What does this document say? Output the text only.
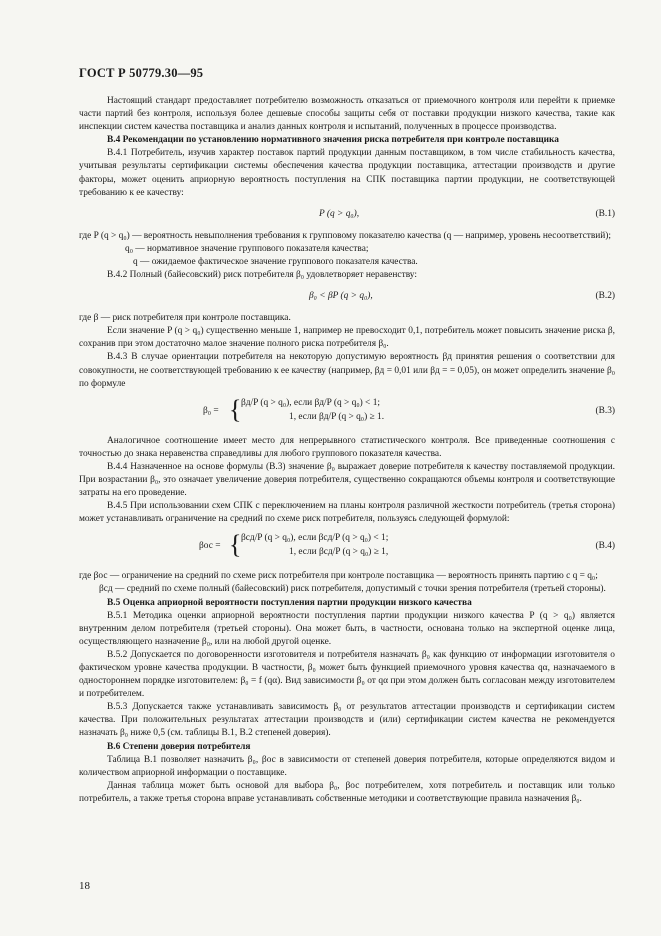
ГОСТ Р 50779.30—95

Настоящий стандарт предоставляет потребителю возможность отказаться от приемочного контроля или перейти к приемке части партий без контроля, используя более дешевые способы защиты себя от поставки продукции низкого качества, такие как инспекции систем качества поставщика и анализ данных контроля и испытаний, полученных в процессе производства.

В.4 Рекомендации по установлению нормативного значения риска потребителя при контроле поставщика

В.4.1 Потребитель, изучив характер поставок партий продукции данным поставщиком, в том числе стабильность качества, учитывая результаты сертификации системы обеспечения качества продукции поставщика, аттестации производств и другие факторы, может оценить априорную вероятность поступления на СПК поставщика партии продукции, не соответствующей требованию к ее качеству:

P (q > q₀),	(В.1)

где P (q > q₀) — вероятность невыполнения требования к групповому показателю качества (q — например, уровень несоответствий);

q₀ — нормативное значение группового показателя качества;

q — ожидаемое фактическое значение группового показателя качества.

В.4.2 Полный (байесовский) риск потребителя β₀ удовлетворяет неравенству:

β₀ < βP (q > q₀),	(В.2)

где β — риск потребителя при контроле поставщика.

Если значение P (q > q₀) существенно меньше 1, например не превосходит 0,1, потребитель может повысить значение риска β, сохранив при этом достаточно малое значение полного риска потребителя β₀.

В.4.3 В случае ориентации потребителя на некоторую допустимую вероятность βд принятия решения о соответствии для совокупности, не соответствующей требованию к ее качеству (например, βд = 0,01 или βд = = 0,05), он может определить значение β₀ по формуле

β₀ = { βд/P (q > q₀), если βд/P (q > q₀) < 1;
1, если βд/P (q > q₀) ≥ 1.
(В.3)

Аналогичное соотношение имеет место для непрерывного статистического контроля. Все приведенные соотношения с точностью до знака неравенства справедливы для любого группового показателя качества.

В.4.4 Назначенное на основе формулы (В.3) значение β₀ выражает доверие потребителя к качеству поставляемой продукции. При возрастании β₀, это означает увеличение доверия потребителя, существенно сокращаются объемы контроля и соответствующие затраты на его проведение.

В.4.5 При использовании схем СПК с переключением на планы контроля различной жесткости потребитель (третья сторона) может устанавливать ограничение на средний по схеме риск потребителя, пользуясь следующей формулой:

βос = { βсд/P (q > q₀), если βсд/P (q > q₀) < 1;
1, если βсд/P (q > q₀) ≥ 1,
(В.4)

где βос — ограничение на средний по схеме риск потребителя при контроле поставщика — вероятность принять партию с q = q₀;

βсд — средний по схеме полный (байесовский) риск потребителя, допустимый с точки зрения потребителя (третьей стороны).

В.5 Оценка априорной вероятности поступления партии продукции низкого качества

В.5.1 Методика оценки априорной вероятности поступления партии продукции низкого качества P (q > q₀) является внутренним делом потребителя (третьей стороны). Она может быть, в частности, основана только на экспертной оценке лица, осуществляющего назначение β₀, или на любой другой оценке.

В.5.2 Допускается по договоренности изготовителя и потребителя назначать β₀ как функцию от информации изготовителя о фактическом уровне качества продукции. В частности, β₀ может быть функцией приемочного уровня качества qα, назначаемого в одностороннем порядке изготовителем: β₀ = f (qα). Вид зависимости β₀ от qα при этом должен быть согласован между изготовителем и потребителем.

В.5.3 Допускается также устанавливать зависимость β₀ от результатов аттестации производств и сертификации систем качества. При положительных результатах аттестации производств и (или) сертификации систем качества не рекомендуется назначать β₀ ниже 0,5 (см. таблицы В.1, В.2 степеней доверия).

В.6 Степени доверия потребителя

Таблица В.1 позволяет назначить β₀, βос в зависимости от степеней доверия потребителя, которые определяются видом и количеством априорной информации о поставщике.

Данная таблица может быть основой для выбора β₀, βос потребителем, хотя потребитель и поставщик или только потребитель, а также третья сторона вправе устанавливать собственные методики и соответствующие правила назначения β₀.

18
